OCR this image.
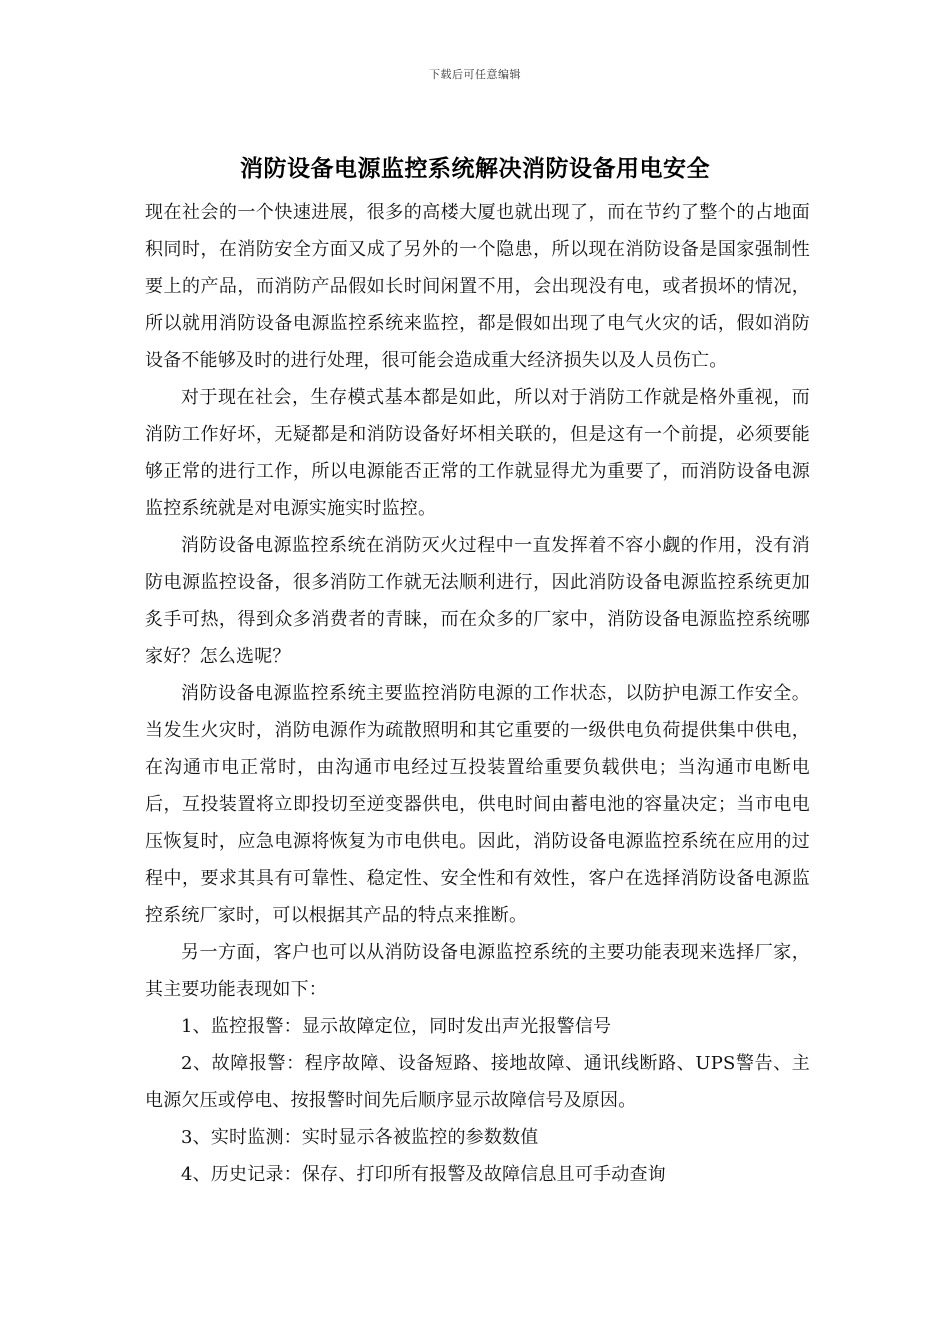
下载后可任意编辑
消防设备电源监控系统解决消防设备用电安全

现在社会的一个快速进展，很多的高楼大厦也就出现了，而在节约了整个的占地面积同时，在消防安全方面又成了另外的一个隐患，所以现在消防设备是国家强制性要上的产品，而消防产品假如长时间闲置不用，会出现没有电，或者损坏的情况，所以就用消防设备电源监控系统来监控，都是假如出现了电气火灾的话，假如消防设备不能够及时的进行处理，很可能会造成重大经济损失以及人员伤亡。

对于现在社会，生存模式基本都是如此，所以对于消防工作就是格外重视，而消防工作好坏，无疑都是和消防设备好坏相关联的，但是这有一个前提，必须要能够正常的进行工作，所以电源能否正常的工作就显得尤为重要了，而消防设备电源监控系统就是对电源实施实时监控。

消防设备电源监控系统在消防灭火过程中一直发挥着不容小觑的作用，没有消防电源监控设备，很多消防工作就无法顺利进行，因此消防设备电源监控系统更加炙手可热，得到众多消费者的青睐，而在众多的厂家中，消防设备电源监控系统哪家好？怎么选呢？

消防设备电源监控系统主要监控消防电源的工作状态，以防护电源工作安全。当发生火灾时，消防电源作为疏散照明和其它重要的一级供电负荷提供集中供电，在沟通市电正常时，由沟通市电经过互投装置给重要负载供电；当沟通市电断电后，互投装置将立即投切至逆变器供电，供电时间由蓄电池的容量决定；当市电电压恢复时，应急电源将恢复为市电供电。因此，消防设备电源监控系统在应用的过程中，要求其具有可靠性、稳定性、安全性和有效性，客户在选择消防设备电源监控系统厂家时，可以根据其产品的特点来推断。

另一方面，客户也可以从消防设备电源监控系统的主要功能表现来选择厂家，其主要功能表现如下：

1、监控报警：显示故障定位，同时发出声光报警信号

2、故障报警：程序故障、设备短路、接地故障、通讯线断路、UPS警告、主电源欠压或停电、按报警时间先后顺序显示故障信号及原因。

3、实时监测：实时显示各被监控的参数数值

4、历史记录：保存、打印所有报警及故障信息且可手动查询
